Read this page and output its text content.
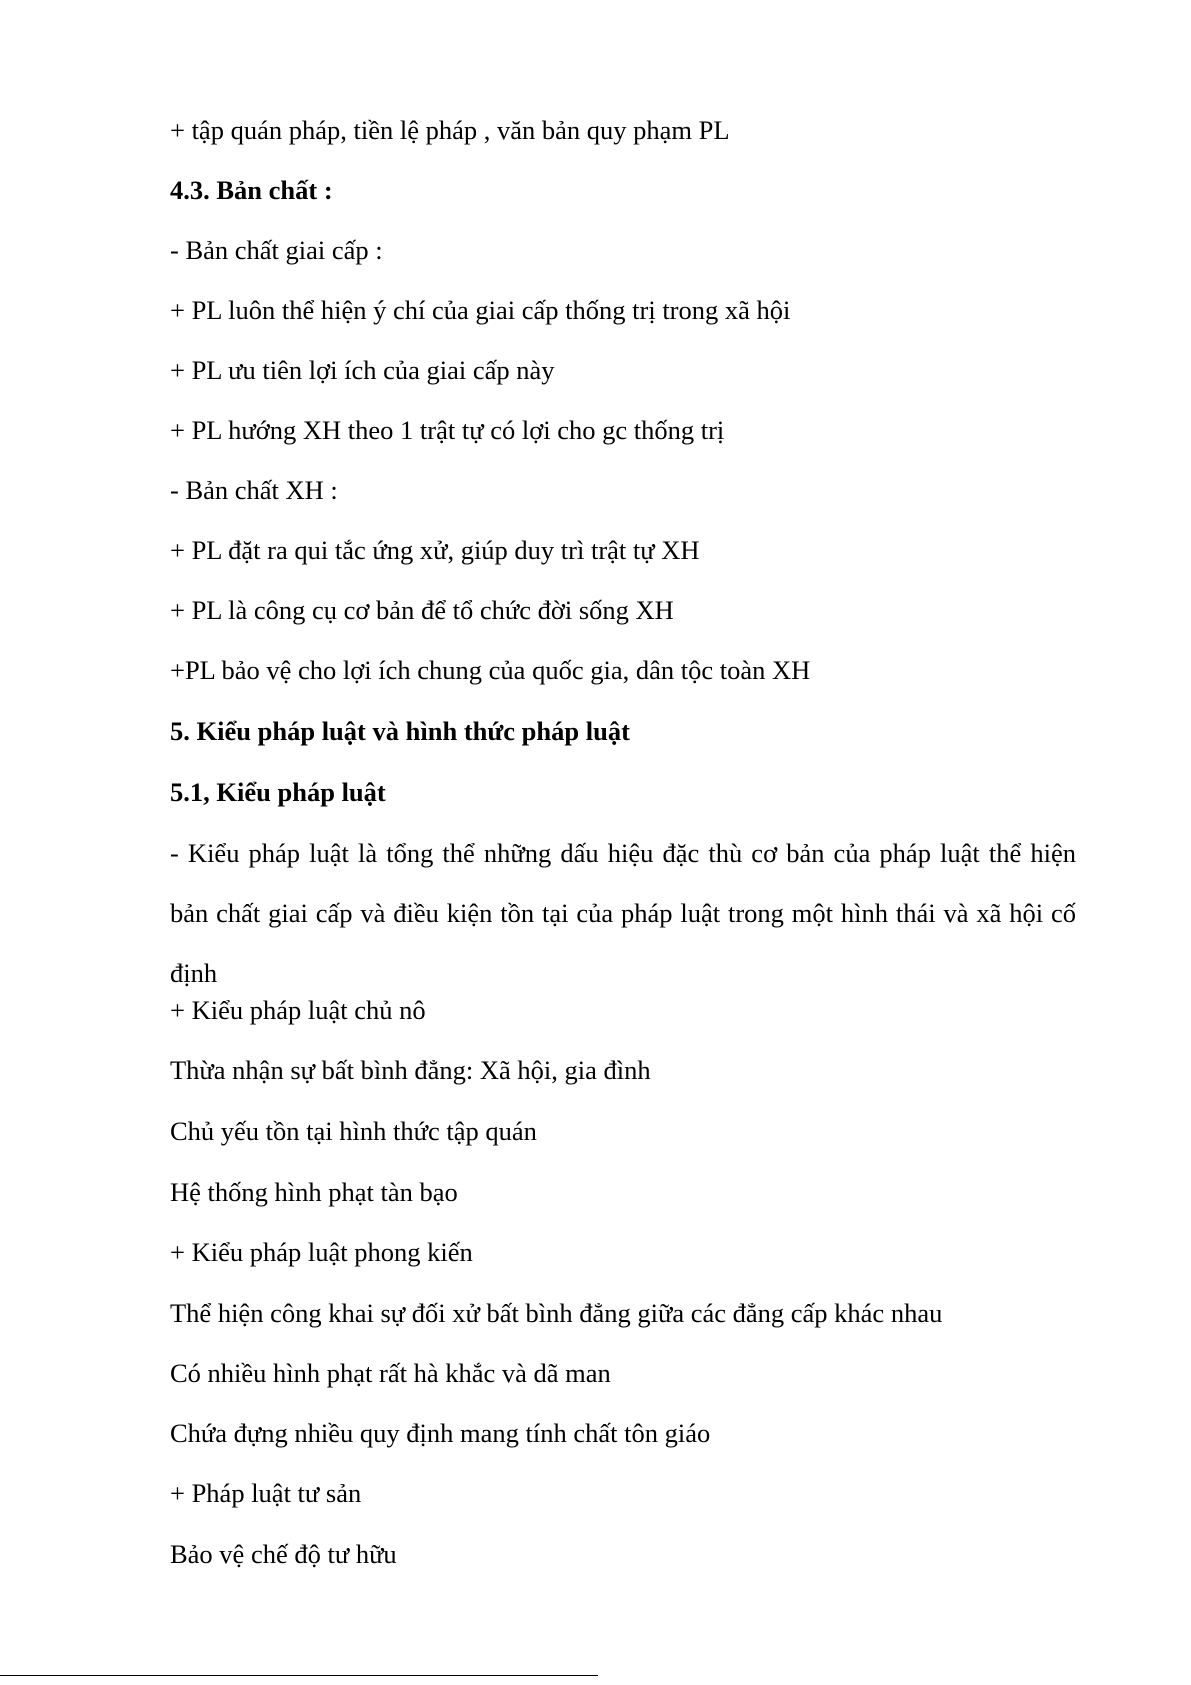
+ tập quán pháp, tiền lệ pháp , văn bản quy phạm PL

4.3. Bản chất :

- Bản chất giai cấp :

+ PL luôn thể hiện ý chí của giai cấp thống trị trong xã hội

+ PL ưu tiên lợi ích của giai cấp này

+ PL hướng XH theo 1 trật tự có lợi cho gc thống trị

- Bản chất XH :

+ PL đặt ra qui tắc ứng xử, giúp duy trì trật tự XH

+ PL là công cụ cơ bản để tổ chức đời sống XH

+PL bảo vệ cho lợi ích chung của quốc gia, dân tộc toàn XH

5. Kiểu pháp luật và hình thức pháp luật

5.1, Kiểu pháp luật

- Kiểu pháp luật là tổng thể những dấu hiệu đặc thù cơ bản của pháp luật thể hiện bản chất giai cấp và điều kiện tồn tại của pháp luật trong một hình thái và xã hội cố định

+ Kiểu pháp luật chủ nô

Thừa nhận sự bất bình đẳng: Xã hội, gia đình

Chủ yếu tồn tại hình thức tập quán

Hệ thống hình phạt tàn bạo

+ Kiểu pháp luật phong kiến

Thể hiện công khai sự đối xử bất bình đẳng giữa các đẳng cấp khác nhau

Có nhiều hình phạt rất hà khắc và dã man

Chứa đựng nhiều quy định mang tính chất tôn giáo

+ Pháp luật tư sản

Bảo vệ chế độ tư hữu
